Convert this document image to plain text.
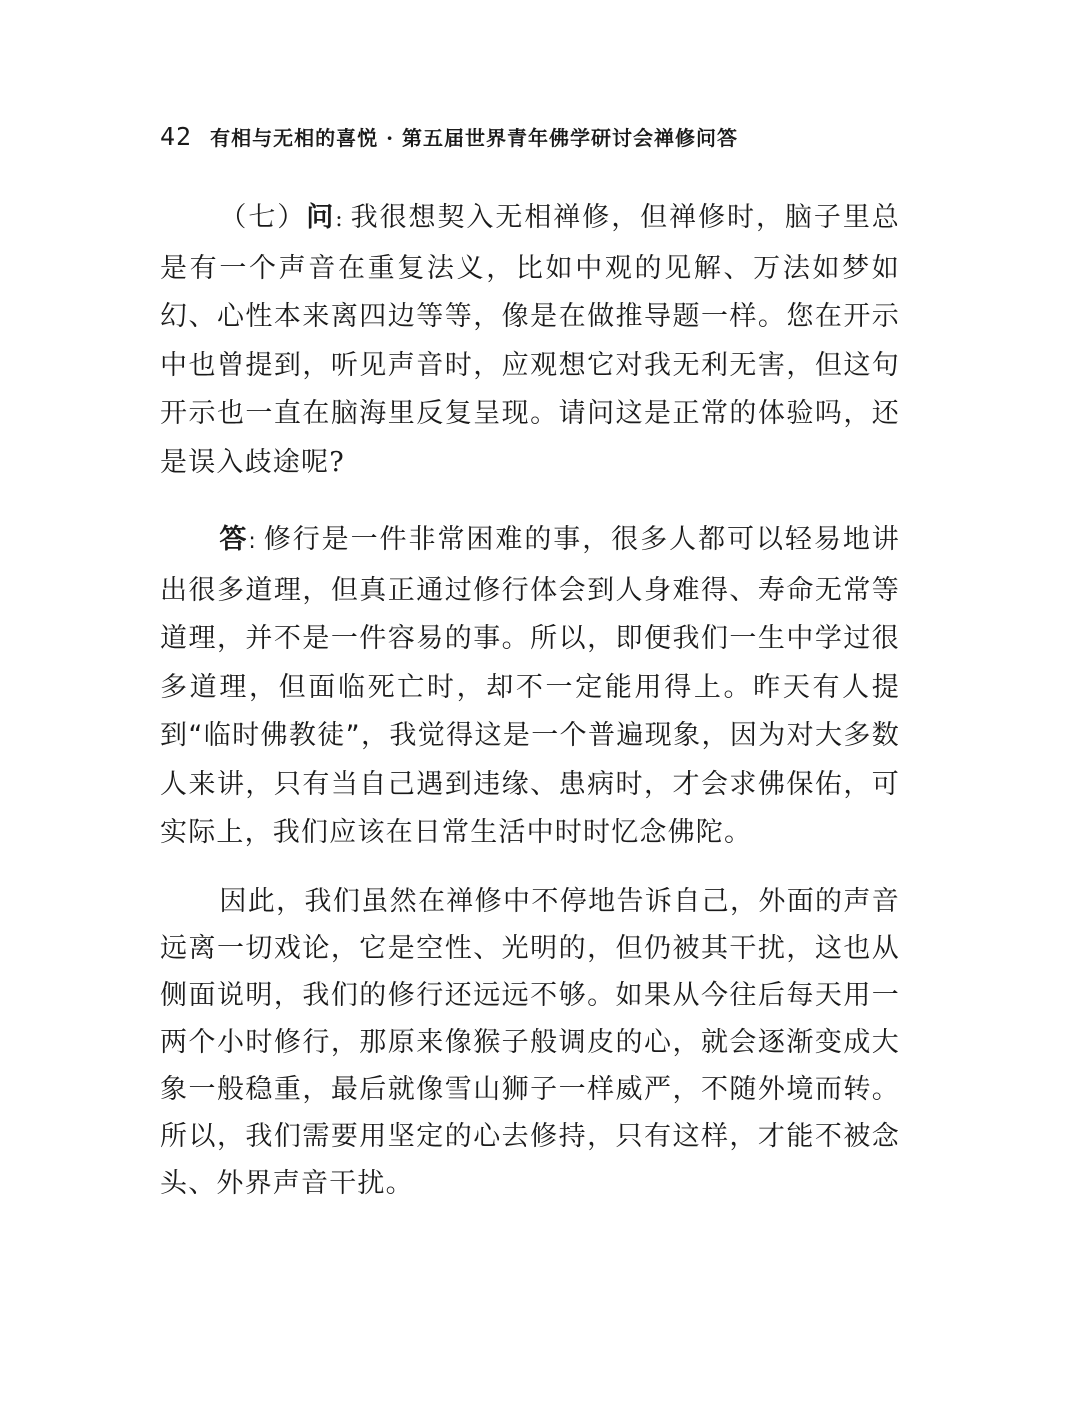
42 有相与无相的喜悦 · 第五届世界青年佛学研讨会禅修问答

（七）问: 我很想契入无相禅修，但禅修时，脑子里总是有一个声音在重复法义，比如中观的见解、万法如梦如幻、心性本来离四边等等，像是在做推导题一样。您在开示中也曾提到，听见声音时，应观想它对我无利无害，但这句开示也一直在脑海里反复呈现。请问这是正常的体验吗，还是误入歧途呢?

答: 修行是一件非常困难的事，很多人都可以轻易地讲出很多道理，但真正通过修行体会到人身难得、寿命无常等道理，并不是一件容易的事。所以，即便我们一生中学过很多道理，但面临死亡时，却不一定能用得上。昨天有人提到“临时佛教徒”，我觉得这是一个普遍现象，因为对大多数人来讲，只有当自己遇到违缘、患病时，才会求佛保佑，可实际上，我们应该在日常生活中时时忆念佛陀。

因此，我们虽然在禅修中不停地告诉自己，外面的声音远离一切戏论，它是空性、光明的，但仍被其干扰，这也从侧面说明，我们的修行还远远不够。如果从今往后每天用一两个小时修行，那原来像猴子般调皮的心，就会逐渐变成大象一般稳重，最后就像雪山狮子一样威严，不随外境而转。所以，我们需要用坚定的心去修持，只有这样，才能不被念头、外界声音干扰。
